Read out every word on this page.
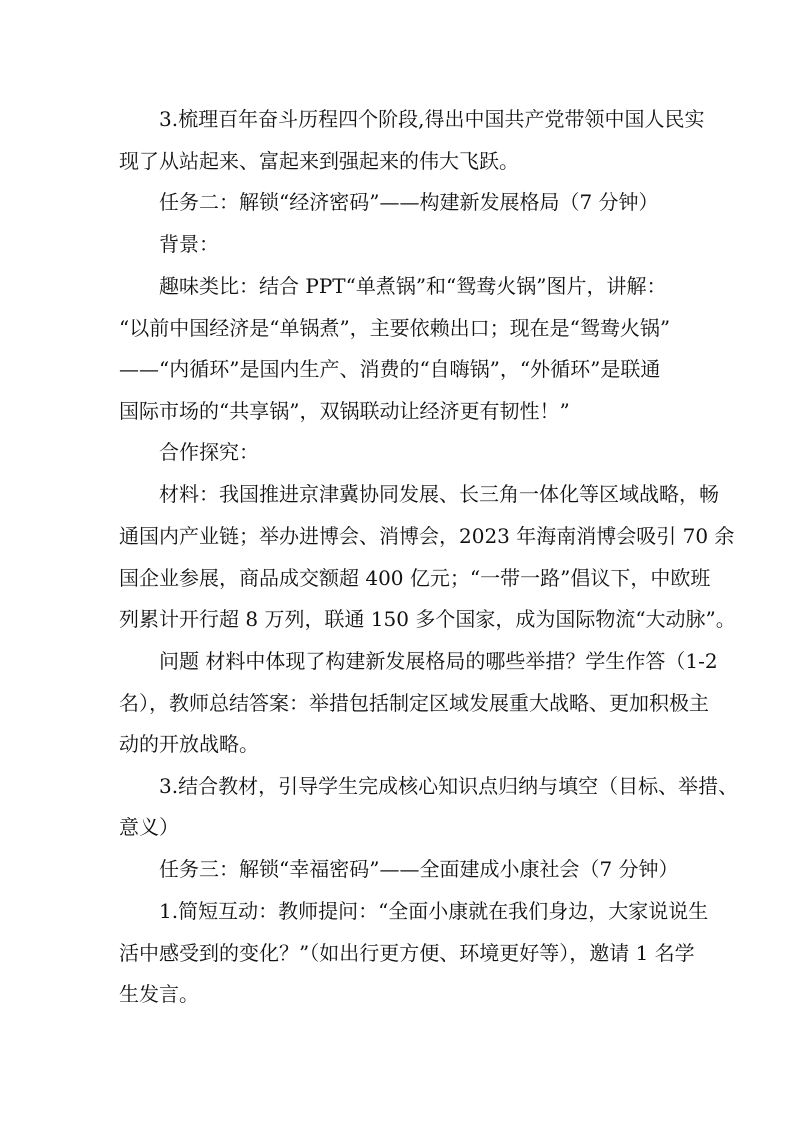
3.梳理百年奋斗历程四个阶段,得出中国共产党带领中国人民实
现了从站起来、富起来到强起来的伟大飞跃。
任务二：解锁“经济密码”——构建新发展格局（7 分钟）
背景：
趣味类比：结合 PPT“单煮锅”和“鸳鸯火锅”图片，讲解：
“以前中国经济是“单锅煮”，主要依赖出口；现在是“鸳鸯火锅”
——“内循环”是国内生产、消费的“自嗨锅”，“外循环”是联通
国际市场的“共享锅”，双锅联动让经济更有韧性！”
合作探究：
材料：我国推进京津冀协同发展、长三角一体化等区域战略，畅
通国内产业链；举办进博会、消博会，2023 年海南消博会吸引 70 余
国企业参展，商品成交额超 400 亿元；“一带一路”倡议下，中欧班
列累计开行超 8 万列，联通 150 多个国家，成为国际物流“大动脉”。
问题 材料中体现了构建新发展格局的哪些举措？学生作答（1-2
名），教师总结答案：举措包括制定区域发展重大战略、更加积极主
动的开放战略。
3.结合教材，引导学生完成核心知识点归纳与填空（目标、举措、
意义）
任务三：解锁“幸福密码”——全面建成小康社会（7 分钟）
1.简短互动：教师提问：“全面小康就在我们身边，大家说说生
活中感受到的变化？”（如出行更方便、环境更好等），邀请 1 名学
生发言。
